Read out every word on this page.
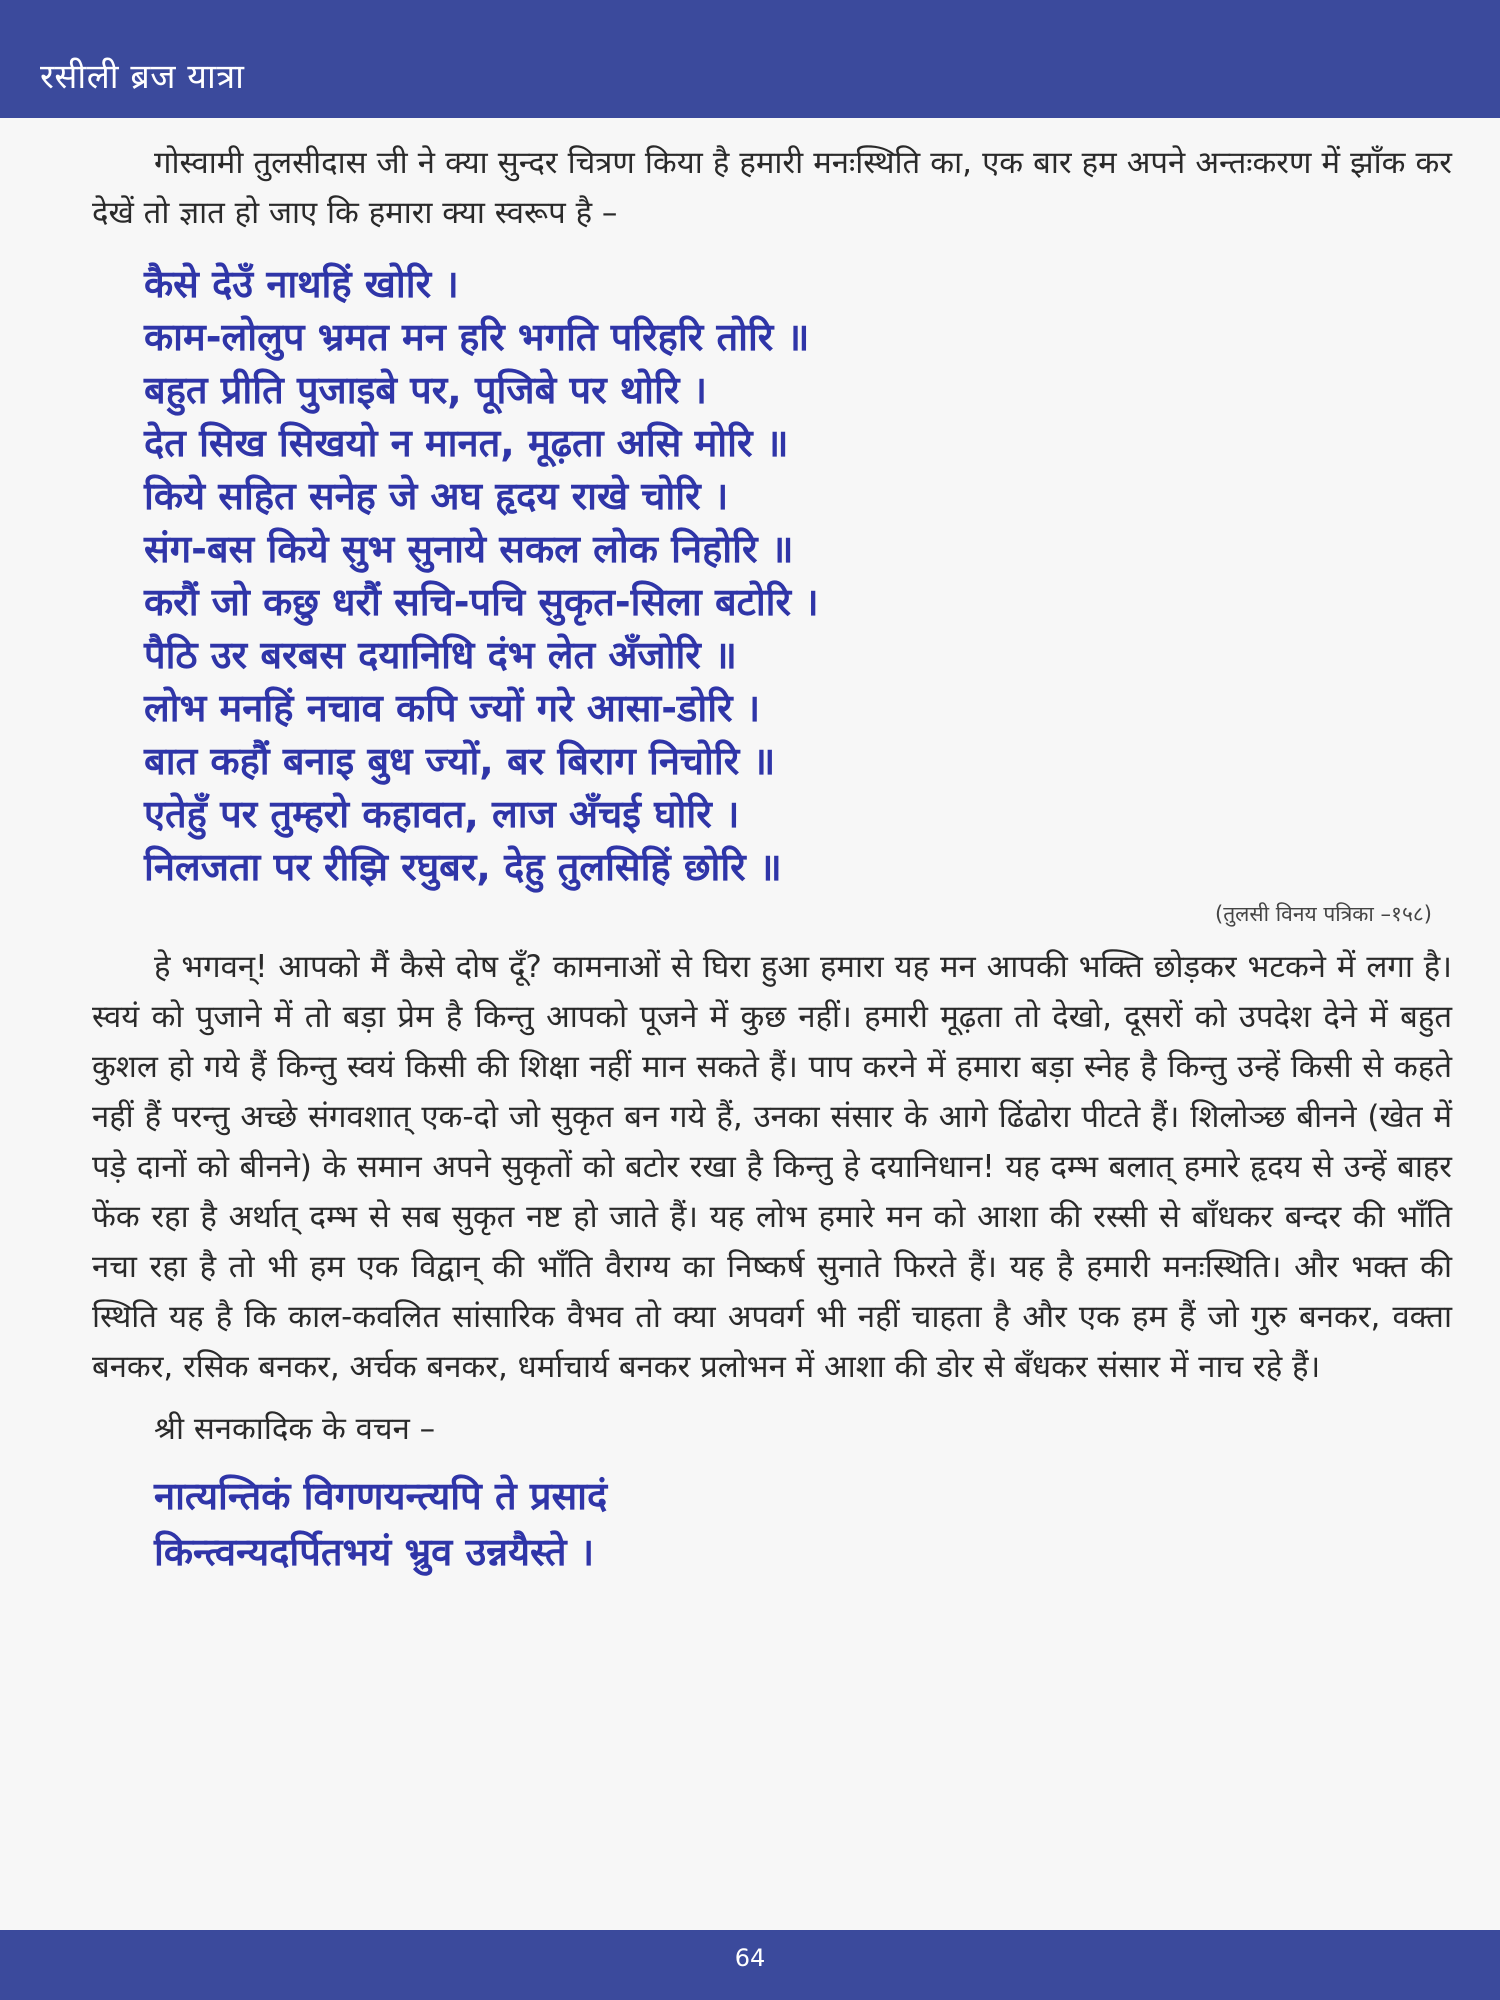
रसीली ब्रज यात्रा

गोस्वामी तुलसीदास जी ने क्या सुन्दर चित्रण किया है हमारी मनःस्थिति का, एक बार हम अपने अन्तःकरण में झाँक कर देखें तो ज्ञात हो जाए कि हमारा क्या स्वरूप है –

कैसे देउँ नाथहिं खोरि ।
काम-लोलुप भ्रमत मन हरि भगति परिहरि तोरि ॥
बहुत प्रीति पुजाइबे पर, पूजिबे पर थोरि ।
देत सिख सिखयो न मानत, मूढ़ता असि मोरि ॥
किये सहित सनेह जे अघ हृदय राखे चोरि ।
संग-बस किये सुभ सुनाये सकल लोक निहोरि ॥
करौं जो कछु धरौं सचि-पचि सुकृत-सिला बटोरि ।
पैठि उर बरबस दयानिधि दंभ लेत अँजोरि ॥
लोभ मनहिं नचाव कपि ज्यों गरे आसा-डोरि ।
बात कहौं बनाइ बुध ज्यों, बर बिराग निचोरि ॥
एतेहुँ पर तुम्हरो कहावत, लाज अँचई घोरि ।
निलजता पर रीझि रघुबर, देहु तुलसिहिं छोरि ॥
(तुलसी विनय पत्रिका –१५८)

हे भगवन्! आपको मैं कैसे दोष दूँ? कामनाओं से घिरा हुआ हमारा यह मन आपकी भक्ति छोड़कर भटकने में लगा है। स्वयं को पुजाने में तो बड़ा प्रेम है किन्तु आपको पूजने में कुछ नहीं। हमारी मूढ़ता तो देखो, दूसरों को उपदेश देने में बहुत कुशल हो गये हैं किन्तु स्वयं किसी की शिक्षा नहीं मान सकते हैं। पाप करने में हमारा बड़ा स्नेह है किन्तु उन्हें किसी से कहते नहीं हैं परन्तु अच्छे संगवशात् एक-दो जो सुकृत बन गये हैं, उनका संसार के आगे ढिंढोरा पीटते हैं। शिलोञ्छ बीनने (खेत में पड़े दानों को बीनने) के समान अपने सुकृतों को बटोर रखा है किन्तु हे दयानिधान! यह दम्भ बलात् हमारे हृदय से उन्हें बाहर फेंक रहा है अर्थात् दम्भ से सब सुकृत नष्ट हो जाते हैं। यह लोभ हमारे मन को आशा की रस्सी से बाँधकर बन्दर की भाँति नचा रहा है तो भी हम एक विद्वान् की भाँति वैराग्य का निष्कर्ष सुनाते फिरते हैं। यह है हमारी मनःस्थिति। और भक्त की स्थिति यह है कि काल-कवलित सांसारिक वैभव तो क्या अपवर्ग भी नहीं चाहता है और एक हम हैं जो गुरु बनकर, वक्ता बनकर, रसिक बनकर, अर्चक बनकर, धर्माचार्य बनकर प्रलोभन में आशा की डोर से बँधकर संसार में नाच रहे हैं।

श्री सनकादिक के वचन –
नात्यन्तिकं विगणयन्त्यपि ते प्रसादं
किन्त्वन्यदर्पितभयं भ्रुव उन्नयैस्ते ।
64
